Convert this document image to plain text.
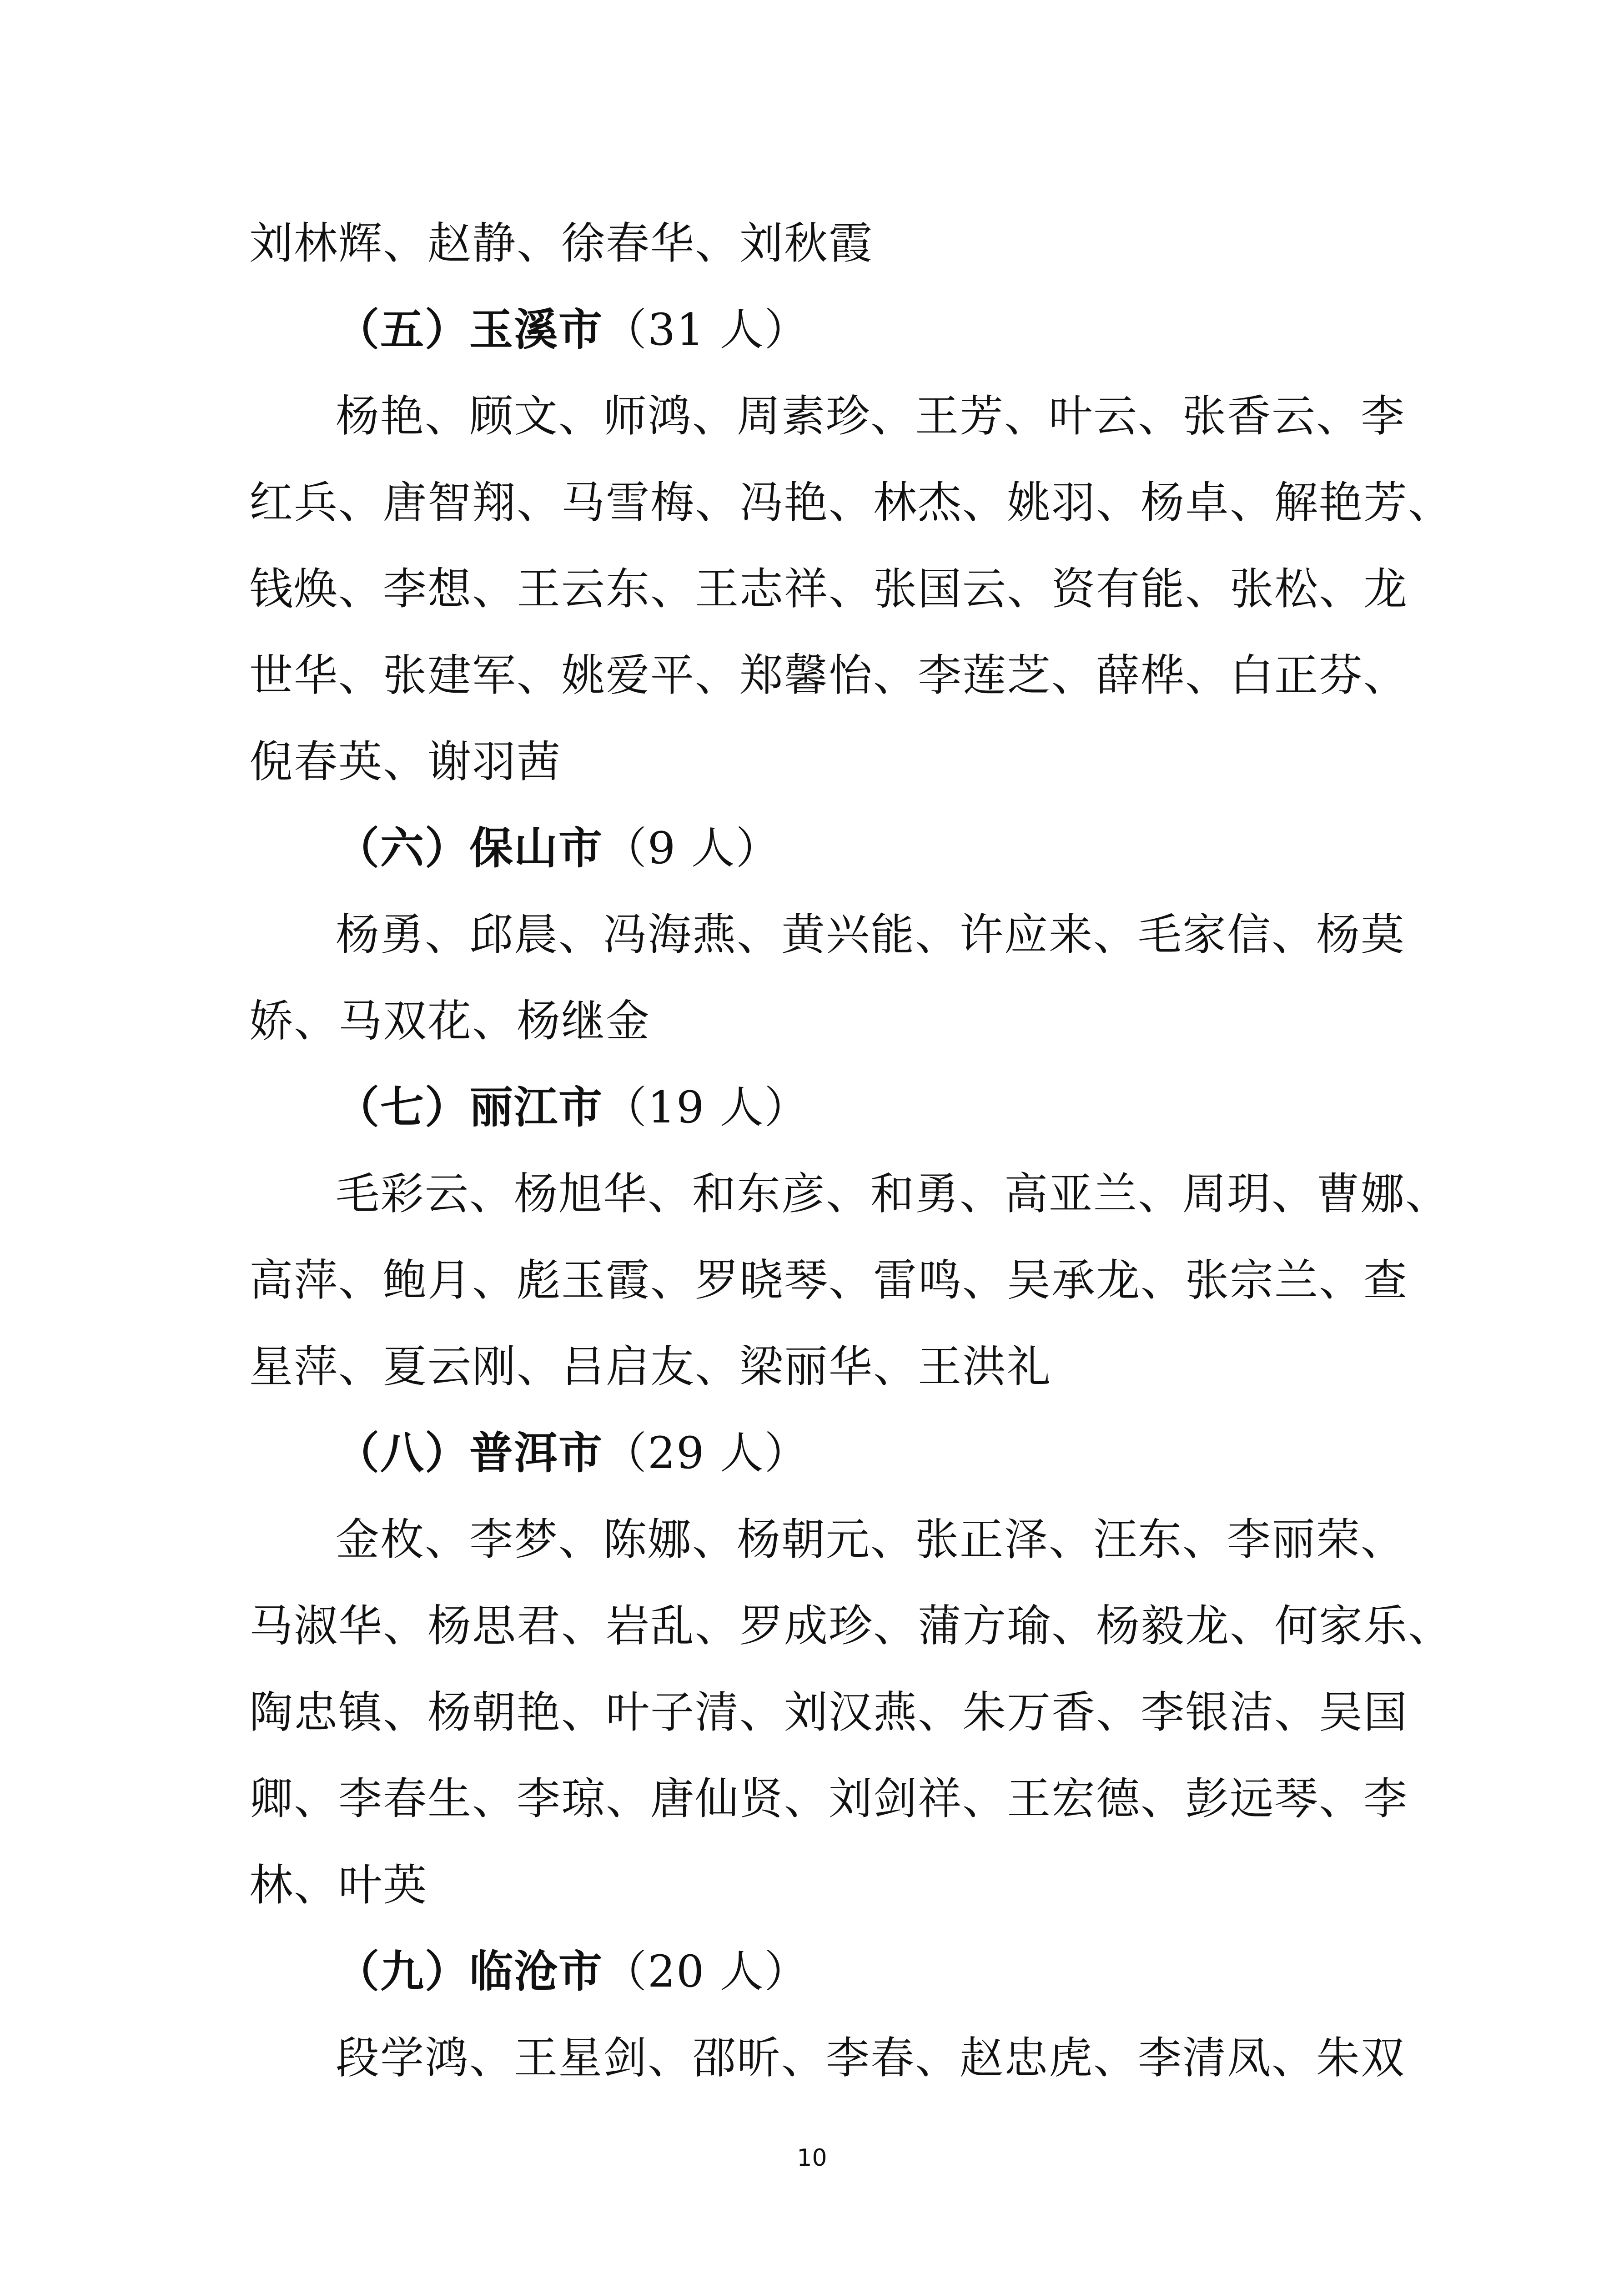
刘林辉、赵静、徐春华、刘秋霞
（五）玉溪市（31 人）
杨艳、顾文、师鸿、周素珍、王芳、叶云、张香云、李
红兵、唐智翔、马雪梅、冯艳、林杰、姚羽、杨卓、解艳芳、
钱焕、李想、王云东、王志祥、张国云、资有能、张松、龙
世华、张建军、姚爱平、郑馨怡、李莲芝、薛桦、白正芬、
倪春英、谢羽茜
（六）保山市（9 人）
杨勇、邱晨、冯海燕、黄兴能、许应来、毛家信、杨莫
娇、马双花、杨继金
（七）丽江市（19 人）
毛彩云、杨旭华、和东彦、和勇、高亚兰、周玥、曹娜、
高萍、鲍月、彪玉霞、罗晓琴、雷鸣、吴承龙、张宗兰、查
星萍、夏云刚、吕启友、梁丽华、王洪礼
（八）普洱市（29 人）
金枚、李梦、陈娜、杨朝元、张正泽、汪东、李丽荣、
马淑华、杨思君、岩乱、罗成珍、蒲方瑜、杨毅龙、何家乐、
陶忠镇、杨朝艳、叶子清、刘汉燕、朱万香、李银洁、吴国
卿、李春生、李琼、唐仙贤、刘剑祥、王宏德、彭远琴、李
林、叶英
（九）临沧市（20 人）
段学鸿、王星剑、邵昕、李春、赵忠虎、李清凤、朱双
10
